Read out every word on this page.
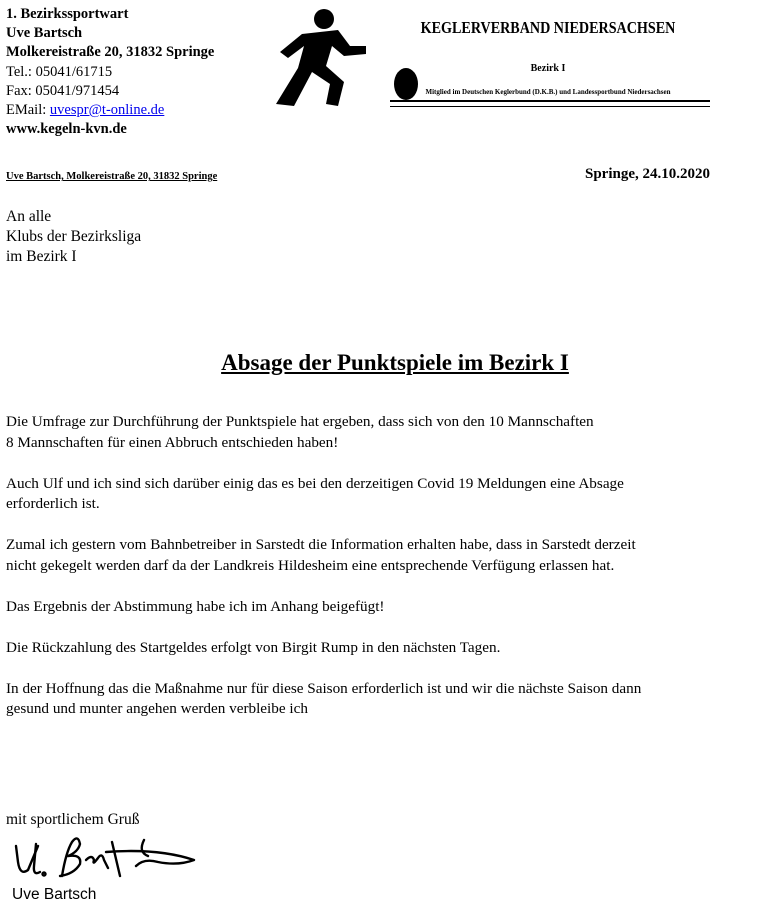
1. Bezirkssportwart
Uve Bartsch
Molkereistraße 20, 31832 Springe
Tel.: 05041/61715
Fax: 05041/971454
EMail: uvespr@t-online.de
www.kegeln-kvn.de
KEGLERVERBAND NIEDERSACHSEN
Bezirk I
Mitglied im Deutschen Keglerbund (D.K.B.) und Landessportbund Niedersachsen
Uve Bartsch, Molkereistraße 20, 31832 Springe	Springe, 24.10.2020
An alle
Klubs der Bezirksliga
im Bezirk I
Absage der Punktspiele im Bezirk I

Die Umfrage zur Durchführung der Punktspiele hat ergeben, dass sich von den 10 Mannschaften
8 Mannschaften für einen Abbruch entschieden haben!

Auch Ulf und ich sind sich darüber einig das es bei den derzeitigen Covid 19 Meldungen eine Absage
erforderlich ist.

Zumal ich gestern vom Bahnbetreiber in Sarstedt die Information erhalten habe, dass in Sarstedt derzeit
nicht gekegelt werden darf da der Landkreis Hildesheim eine entsprechende Verfügung erlassen hat.

Das Ergebnis der Abstimmung habe ich im Anhang beigefügt!

Die Rückzahlung des Startgeldes erfolgt von Birgit Rump in den nächsten Tagen.

In der Hoffnung das die Maßnahme nur für diese Saison erforderlich ist und wir die nächste Saison dann
gesund und munter angehen werden verbleibe ich

mit sportlichem Gruß
Uve Bartsch
